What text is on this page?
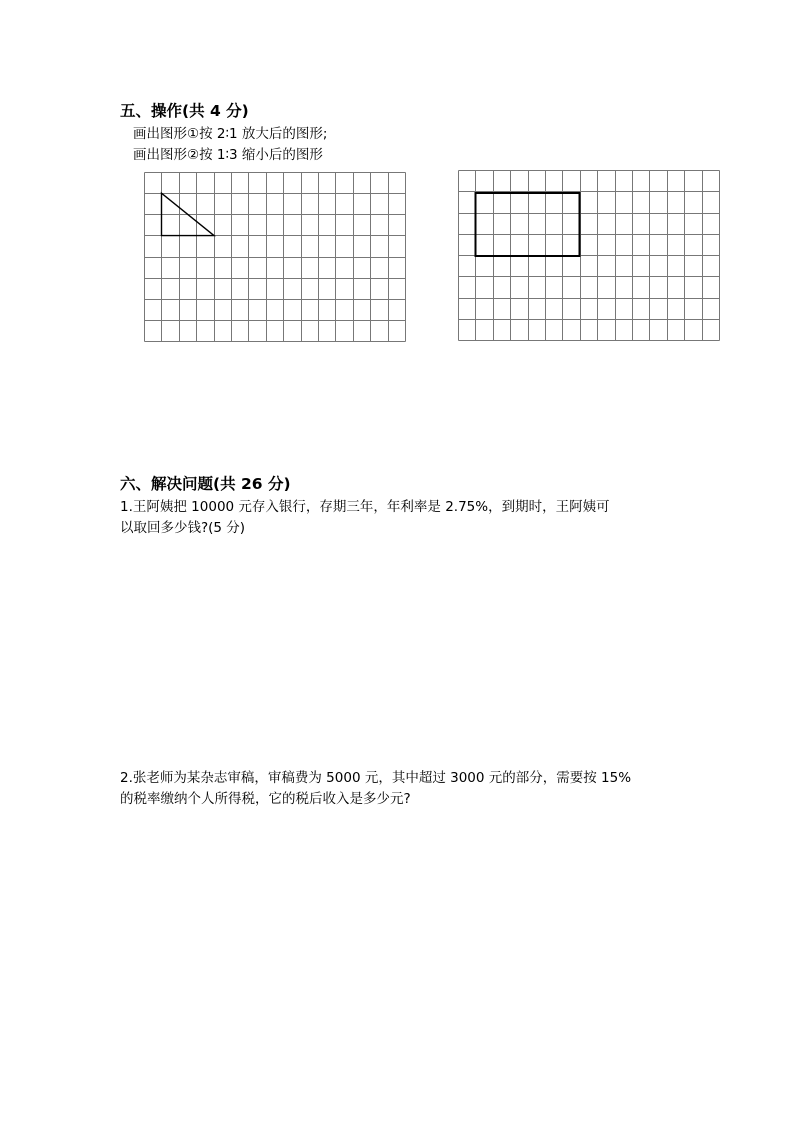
五、操作(共 4 分)
画出图形①按 2∶1 放大后的图形;
画出图形②按 1∶3 缩小后的图形
六、解决问题(共 26 分)
1.王阿姨把 10000 元存入银行，存期三年，年利率是 2.75%，到期时，王阿姨可
以取回多少钱?(5 分)
2.张老师为某杂志审稿，审稿费为 5000 元，其中超过 3000 元的部分，需要按 15%
的税率缴纳个人所得税，它的税后收入是多少元?
